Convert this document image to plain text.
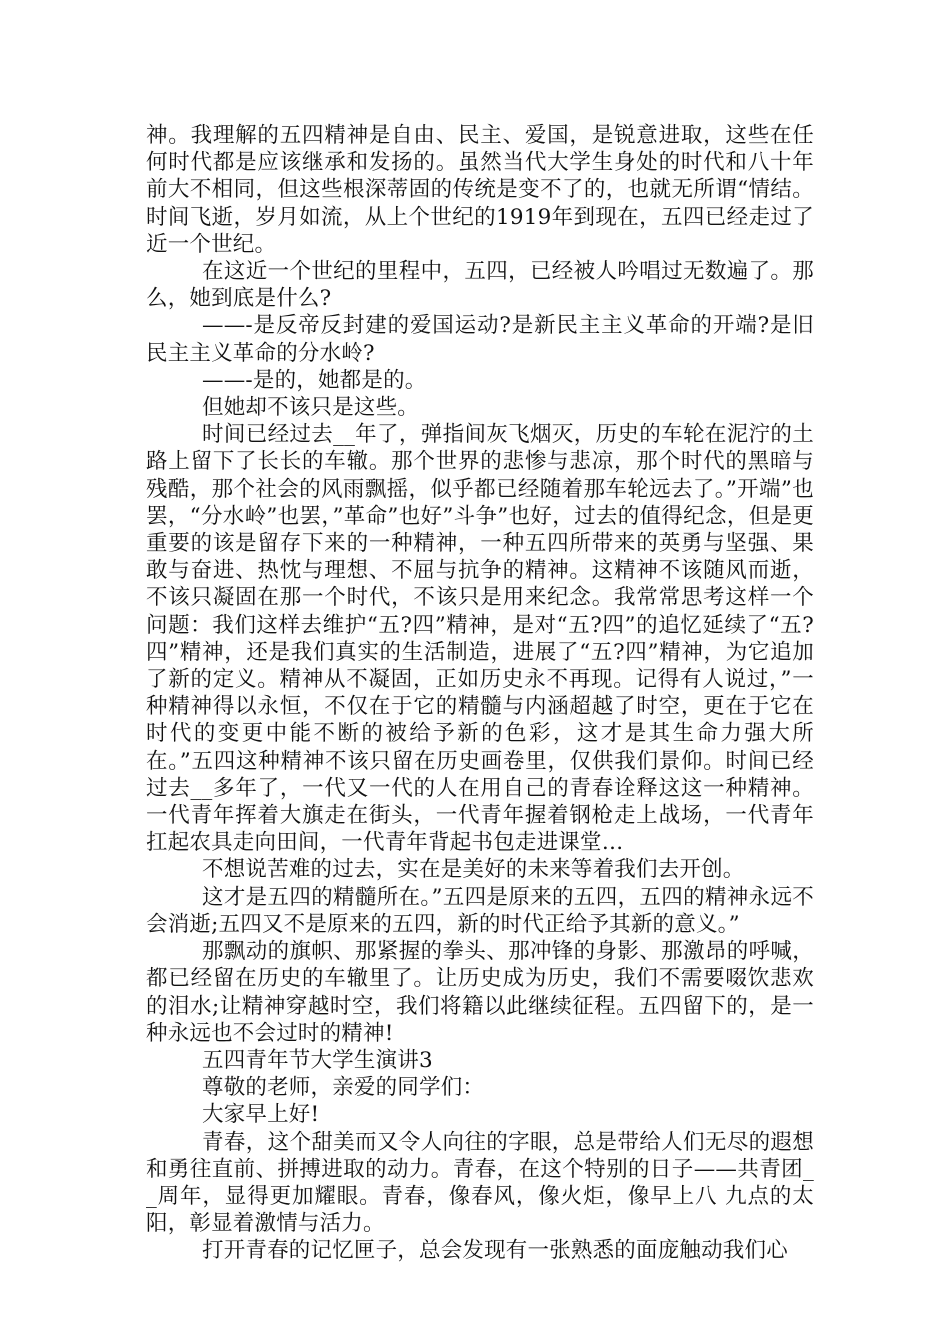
神。我理解的五四精神是自由、民主、爱国，是锐意进取，这些在任何时代都是应该继承和发扬的。虽然当代大学生身处的时代和八十年前大不相同，但这些根深蒂固的传统是变不了的，也就无所谓“情结。时间飞逝，岁月如流，从上个世纪的1919年到现在，五四已经走过了近一个世纪。

在这近一个世纪的里程中，五四，已经被人吟唱过无数遍了。那么，她到底是什么?

——-是反帝反封建的爱国运动?是新民主主义革命的开端?是旧民主主义革命的分水岭?

——-是的，她都是的。

但她却不该只是这些。

时间已经过去__年了，弹指间灰飞烟灭，历史的车轮在泥泞的土路上留下了长长的车辙。那个世界的悲惨与悲凉，那个时代的黑暗与残酷，那个社会的风雨飘摇，似乎都已经随着那车轮远去了。”开端”也罢，“分水岭”也罢，”革命”也好”斗争”也好，过去的值得纪念，但是更重要的该是留存下来的一种精神，一种五四所带来的英勇与坚强、果敢与奋进、热忱与理想、不屈与抗争的精神。这精神不该随风而逝，不该只凝固在那一个时代，不该只是用来纪念。我常常思考这样一个问题：我们这样去维护“五?四”精神，是对“五?四”的追忆延续了“五?四”精神，还是我们真实的生活制造，进展了“五?四”精神，为它追加了新的定义。精神从不凝固，正如历史永不再现。记得有人说过，”一种精神得以永恒，不仅在于它的精髓与内涵超越了时空，更在于它在时代的变更中能不断的被给予新的色彩，这才是其生命力强大所在。”五四这种精神不该只留在历史画卷里，仅供我们景仰。时间已经过去__多年了，一代又一代的人在用自己的青春诠释这这一种精神。一代青年挥着大旗走在街头，一代青年握着钢枪走上战场，一代青年扛起农具走向田间，一代青年背起书包走进课堂…

不想说苦难的过去，实在是美好的未来等着我们去开创。

这才是五四的精髓所在。”五四是原来的五四，五四的精神永远不会消逝;五四又不是原来的五四，新的时代正给予其新的意义。”

那飘动的旗帜、那紧握的拳头、那冲锋的身影、那激昂的呼喊，都已经留在历史的车辙里了。让历史成为历史，我们不需要啜饮悲欢的泪水;让精神穿越时空，我们将籍以此继续征程。五四留下的，是一种永远也不会过时的精神!

五四青年节大学生演讲3

尊敬的老师，亲爱的同学们：

大家早上好!

青春，这个甜美而又令人向往的字眼，总是带给人们无尽的遐想和勇往直前、拼搏进取的动力。青春，在这个特别的日子——共青团__周年，显得更加耀眼。青春，像春风，像火炬，像早上八 九点的太阳，彰显着激情与活力。

打开青春的记忆匣子，总会发现有一张熟悉的面庞触动我们心
